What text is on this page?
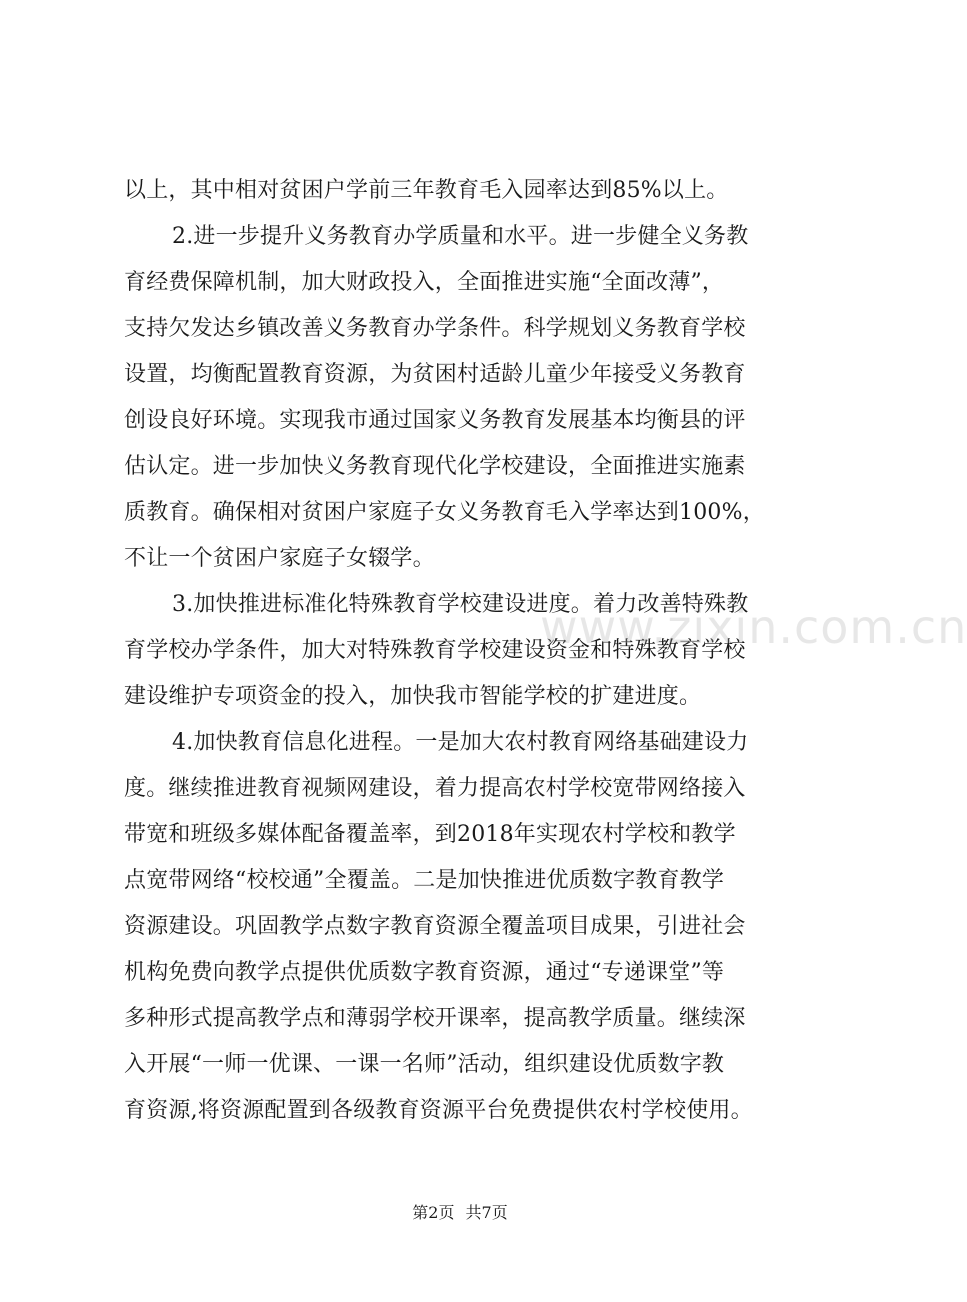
以上，其中相对贫困户学前三年教育毛入园率达到85%以上。
2.进一步提升义务教育办学质量和水平。进一步健全义务教
育经费保障机制，加大财政投入，全面推进实施“全面改薄”，
支持欠发达乡镇改善义务教育办学条件。科学规划义务教育学校
设置，均衡配置教育资源，为贫困村适龄儿童少年接受义务教育
创设良好环境。实现我市通过国家义务教育发展基本均衡县的评
估认定。进一步加快义务教育现代化学校建设，全面推进实施素
质教育。确保相对贫困户家庭子女义务教育毛入学率达到100%，
不让一个贫困户家庭子女辍学。
3.加快推进标准化特殊教育学校建设进度。着力改善特殊教
育学校办学条件，加大对特殊教育学校建设资金和特殊教育学校
建设维护专项资金的投入，加快我市智能学校的扩建进度。
4.加快教育信息化进程。一是加大农村教育网络基础建设力
度。继续推进教育视频网建设，着力提高农村学校宽带网络接入
带宽和班级多媒体配备覆盖率，到2018年实现农村学校和教学
点宽带网络“校校通”全覆盖。二是加快推进优质数字教育教学
资源建设。巩固教学点数字教育资源全覆盖项目成果，引进社会
机构免费向教学点提供优质数字教育资源，通过“专递课堂”等
多种形式提高教学点和薄弱学校开课率，提高教学质量。继续深
入开展“一师一优课、一课一名师”活动，组织建设优质数字教
育资源,将资源配置到各级教育资源平台免费提供农村学校使用。
www.zixin.com.cn
第2页 共7页
